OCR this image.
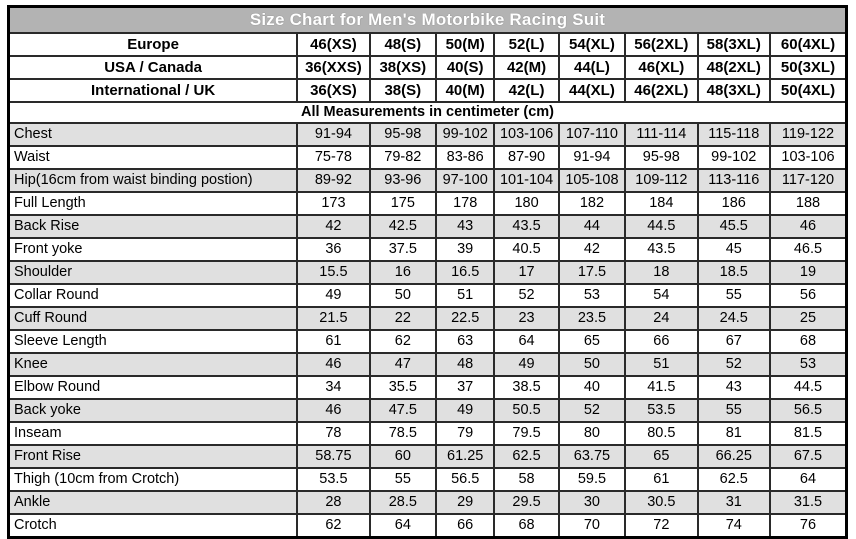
Size Chart for Men's Motorbike Racing Suit								
Europe	46(XS)	48(S)	50(M)	52(L)	54(XL)	56(2XL)	58(3XL)	60(4XL)
USA / Canada	36(XXS)	38(XS)	40(S)	42(M)	44(L)	46(XL)	48(2XL)	50(3XL)
International / UK	36(XS)	38(S)	40(M)	42(L)	44(XL)	46(2XL)	48(3XL)	50(4XL)
All Measurements in centimeter (cm)								
Chest	91-94	95-98	99-102	103-106	107-110	111-114	115-118	119-122
Waist	75-78	79-82	83-86	87-90	91-94	95-98	99-102	103-106
Hip(16cm from waist binding postion)	89-92	93-96	97-100	101-104	105-108	109-112	113-116	117-120
Full Length	173	175	178	180	182	184	186	188
Back Rise	42	42.5	43	43.5	44	44.5	45.5	46
Front yoke	36	37.5	39	40.5	42	43.5	45	46.5
Shoulder	15.5	16	16.5	17	17.5	18	18.5	19
Collar Round	49	50	51	52	53	54	55	56
Cuff Round	21.5	22	22.5	23	23.5	24	24.5	25
Sleeve Length	61	62	63	64	65	66	67	68
Knee	46	47	48	49	50	51	52	53
Elbow Round	34	35.5	37	38.5	40	41.5	43	44.5
Back yoke	46	47.5	49	50.5	52	53.5	55	56.5
Inseam	78	78.5	79	79.5	80	80.5	81	81.5
Front Rise	58.75	60	61.25	62.5	63.75	65	66.25	67.5
Thigh (10cm from Crotch)	53.5	55	56.5	58	59.5	61	62.5	64
Ankle	28	28.5	29	29.5	30	30.5	31	31.5
Crotch	62	64	66	68	70	72	74	76
